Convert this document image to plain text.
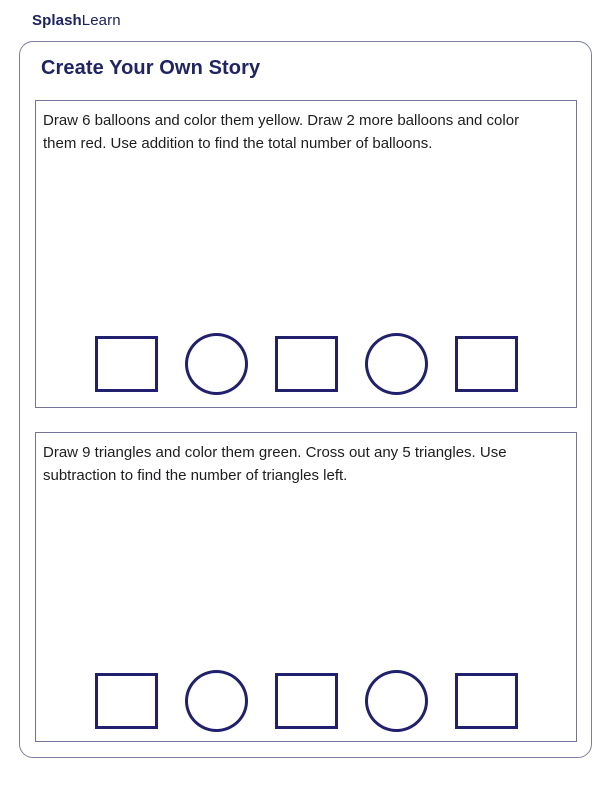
SplashLearn
Create Your Own Story

Draw 6 balloons and color them yellow. Draw 2 more balloons and color them red. Use addition to find the total number of balloons.

Draw 9 triangles and color them green. Cross out any 5 triangles. Use subtraction to find the number of triangles left.
